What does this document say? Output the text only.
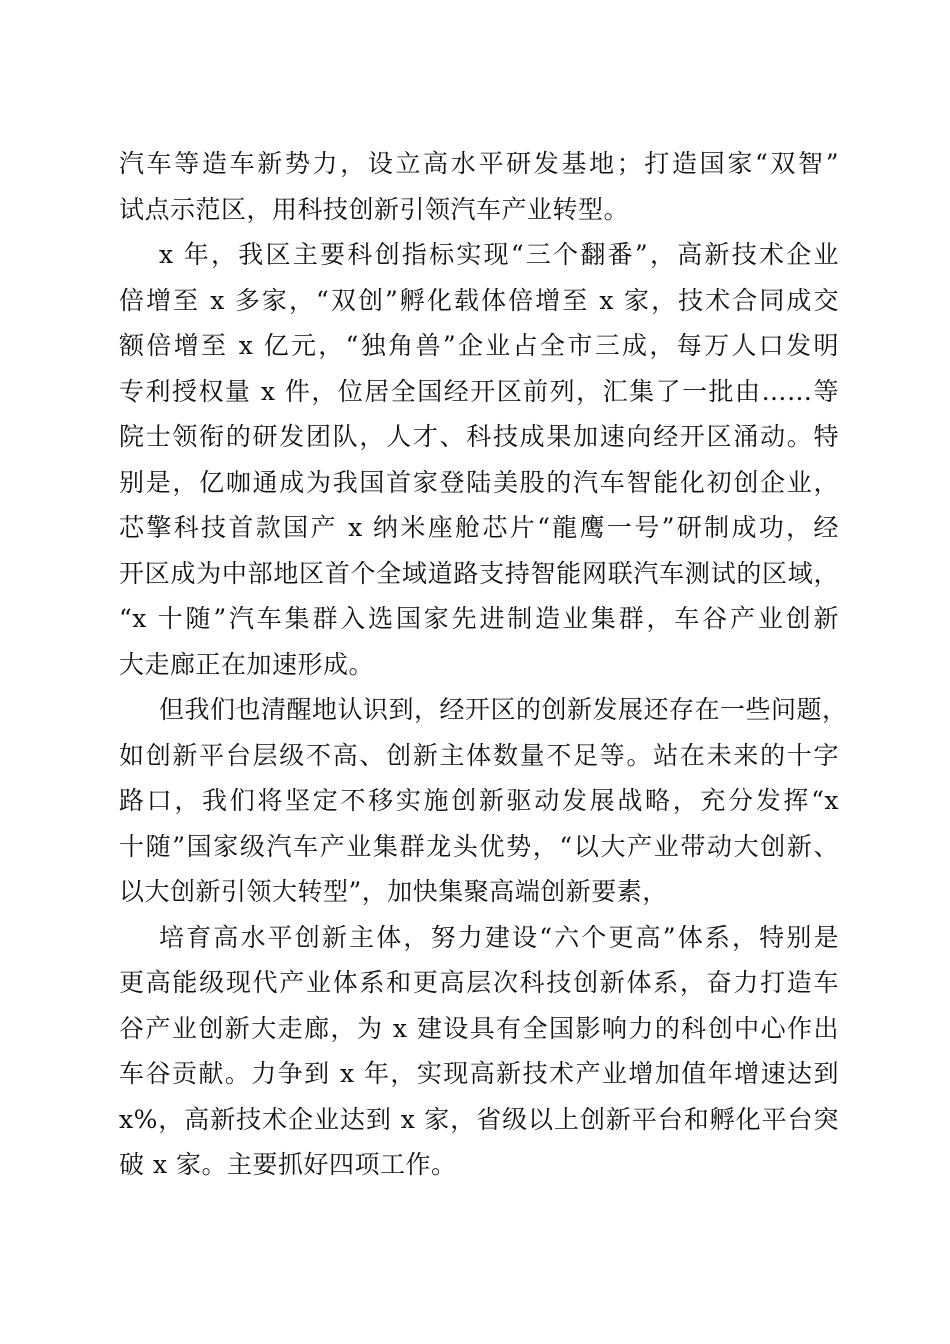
汽车等造车新势力，设立高水平研发基地；打造国家“双智”
试点示范区，用科技创新引领汽车产业转型。
x 年，我区主要科创指标实现“三个翻番”，高新技术企业
倍增至 x 多家，“双创”孵化载体倍增至 x 家，技术合同成交
额倍增至 x 亿元，“独角兽”企业占全市三成，每万人口发明
专利授权量 x 件，位居全国经开区前列，汇集了一批由……等
院士领衔的研发团队，人才、科技成果加速向经开区涌动。特
别是，亿咖通成为我国首家登陆美股的汽车智能化初创企业，
芯擎科技首款国产 x 纳米座舱芯片“龍鹰一号”研制成功，经
开区成为中部地区首个全域道路支持智能网联汽车测试的区域，
“x 十随”汽车集群入选国家先进制造业集群，车谷产业创新
大走廊正在加速形成。
但我们也清醒地认识到，经开区的创新发展还存在一些问题，
如创新平台层级不高、创新主体数量不足等。站在未来的十字
路口，我们将坚定不移实施创新驱动发展战略，充分发挥“x
十随”国家级汽车产业集群龙头优势，“以大产业带动大创新、
以大创新引领大转型”，加快集聚高端创新要素，
培育高水平创新主体，努力建设“六个更高”体系，特别是
更高能级现代产业体系和更高层次科技创新体系，奋力打造车
谷产业创新大走廊，为 x 建设具有全国影响力的科创中心作出
车谷贡献。力争到 x 年，实现高新技术产业增加值年增速达到
x%，高新技术企业达到 x 家，省级以上创新平台和孵化平台突
破 x 家。主要抓好四项工作。
